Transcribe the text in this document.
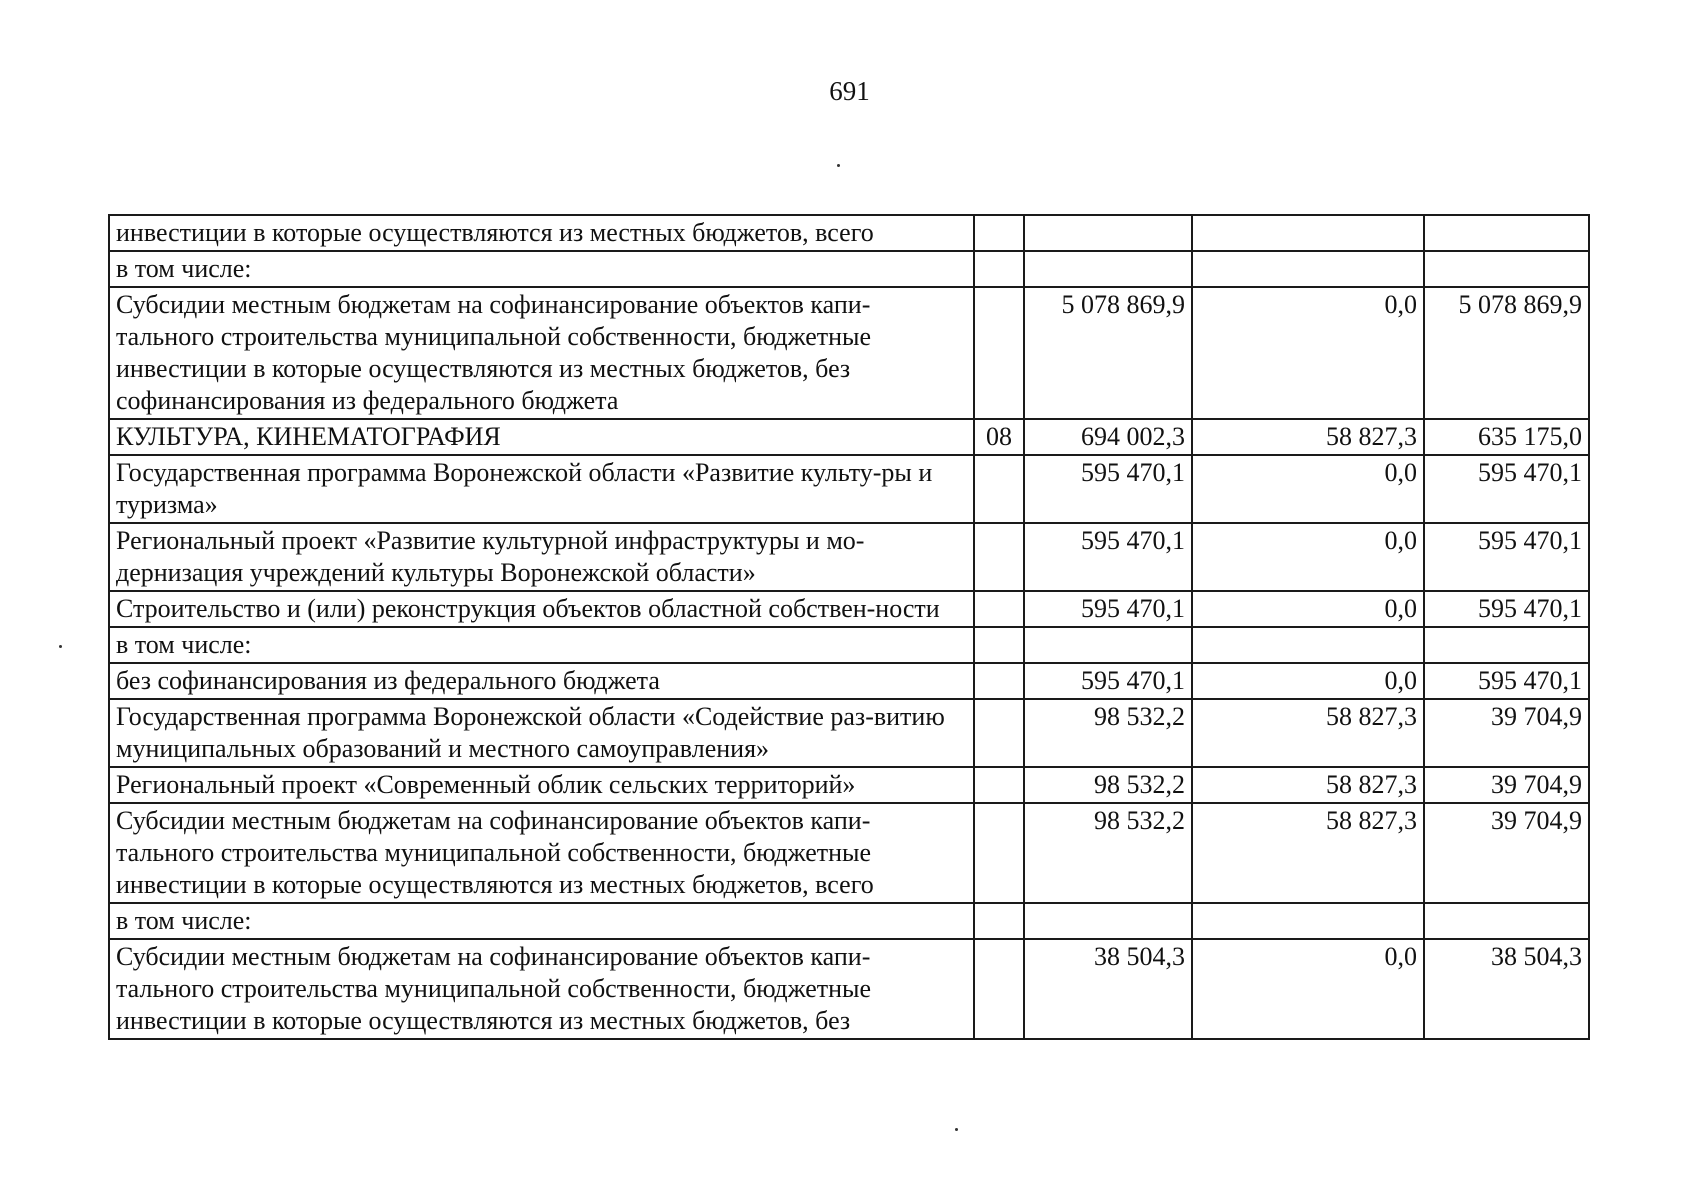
691
инвестиции в которые осуществляются из местных бюджетов, всего				
в том числе:				
Субсидии местным бюджетам на софинансирование объектов капи-тального строительства муниципальной собственности, бюджетные инвестиции в которые осуществляются из местных бюджетов, без софинансирования из федерального бюджета		5 078 869,9	0,0	5 078 869,9
КУЛЬТУРА, КИНЕМАТОГРАФИЯ	08	694 002,3	58 827,3	635 175,0
Государственная программа Воронежской области «Развитие культу-ры и туризма»		595 470,1	0,0	595 470,1
Региональный проект «Развитие культурной инфраструктуры и мо-дернизация учреждений культуры Воронежской области»		595 470,1	0,0	595 470,1
Строительство и (или) реконструкция объектов областной собствен-ности		595 470,1	0,0	595 470,1
в том числе:				
без софинансирования из федерального бюджета		595 470,1	0,0	595 470,1
Государственная программа Воронежской области «Содействие раз-витию муниципальных образований и местного самоуправления»		98 532,2	58 827,3	39 704,9
Региональный проект «Современный облик сельских территорий»		98 532,2	58 827,3	39 704,9
Субсидии местным бюджетам на софинансирование объектов капи-тального строительства муниципальной собственности, бюджетные инвестиции в которые осуществляются из местных бюджетов, всего		98 532,2	58 827,3	39 704,9
в том числе:				
Субсидии местным бюджетам на софинансирование объектов капи-тального строительства муниципальной собственности, бюджетные инвестиции в которые осуществляются из местных бюджетов, без		38 504,3	0,0	38 504,3
